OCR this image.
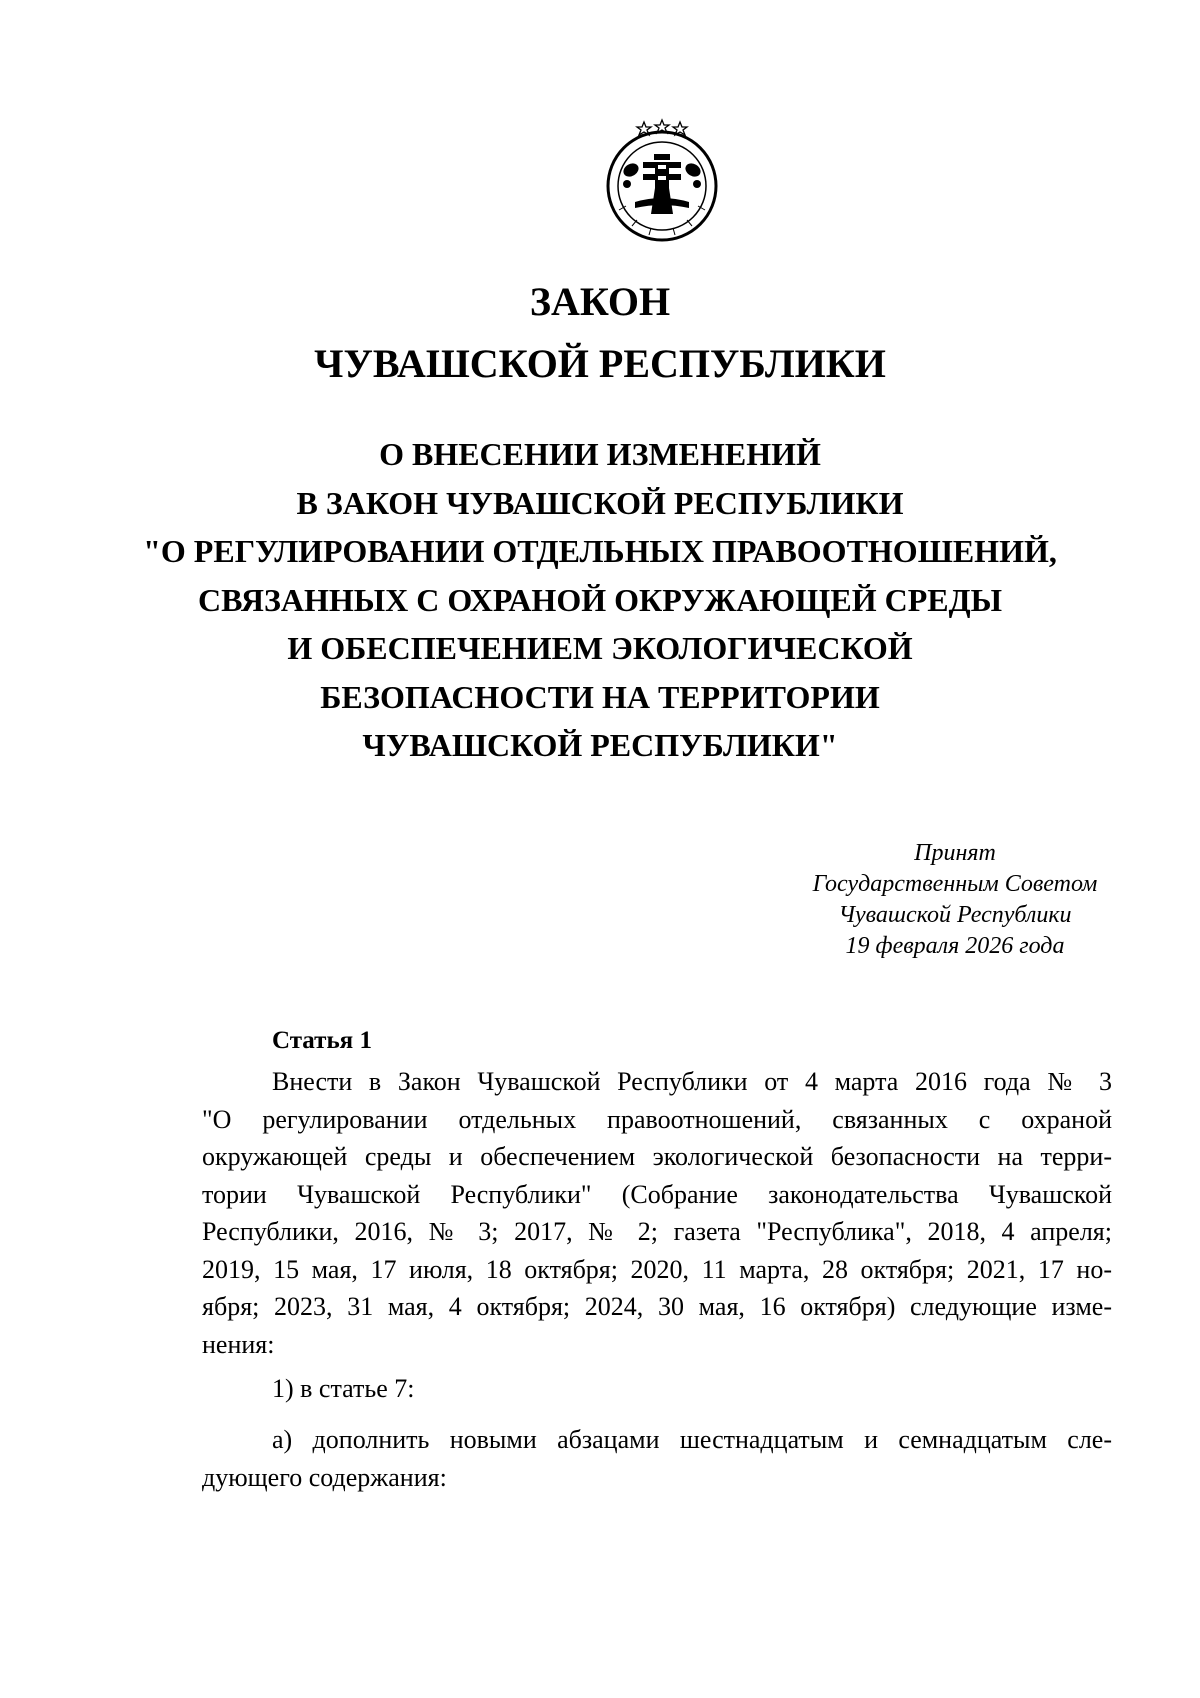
ЗАКОН
ЧУВАШСКОЙ РЕСПУБЛИКИ
О ВНЕСЕНИИ ИЗМЕНЕНИЙ
В ЗАКОН ЧУВАШСКОЙ РЕСПУБЛИКИ
"О РЕГУЛИРОВАНИИ ОТДЕЛЬНЫХ ПРАВООТНОШЕНИЙ,
СВЯЗАННЫХ С ОХРАНОЙ ОКРУЖАЮЩЕЙ СРЕДЫ
И ОБЕСПЕЧЕНИЕМ ЭКОЛОГИЧЕСКОЙ
БЕЗОПАСНОСТИ НА ТЕРРИТОРИИ
ЧУВАШСКОЙ РЕСПУБЛИКИ"
Принят
Государственным Советом
Чувашской Республики
19 февраля 2026 года
Статья 1
Внести в Закон Чувашской Республики от 4 марта 2016 года № 3
"О регулировании отдельных правоотношений, связанных с охраной
окружающей среды и обеспечением экологической безопасности на терри-
тории Чувашской Республики" (Собрание законодательства Чувашской
Республики, 2016, № 3; 2017, № 2; газета "Республика", 2018, 4 апреля;
2019, 15 мая, 17 июля, 18 октября; 2020, 11 марта, 28 октября; 2021, 17 но-
ября; 2023, 31 мая, 4 октября; 2024, 30 мая, 16 октября) следующие изме-
нения:
1) в статье 7:
а) дополнить новыми абзацами шестнадцатым и семнадцатым сле-
дующего содержания:
